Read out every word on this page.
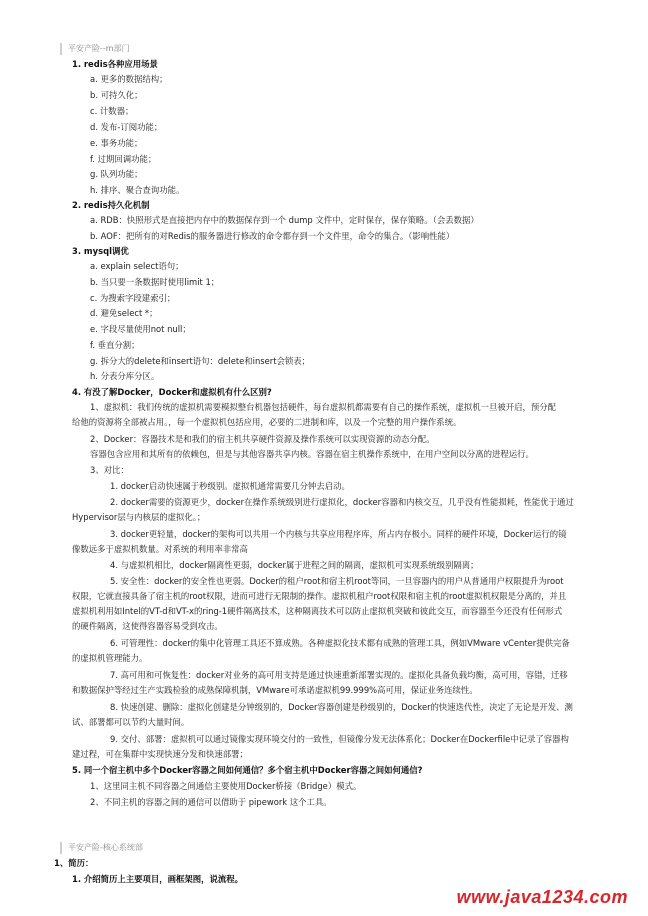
平安产险--m部门
1. redis各种应用场景
a. 更多的数据结构；
b. 可持久化；
c. 计数器；
d. 发布-订阅功能；
e. 事务功能；
f. 过期回调功能；
g. 队列功能；
h. 排序、聚合查询功能。
2. redis持久化机制
a. RDB：快照形式是直接把内存中的数据保存到一个 dump 文件中，定时保存，保存策略。（会丢数据）
b. AOF：把所有的对Redis的服务器进行修改的命令都存到一个文件里，命令的集合。（影响性能）
3. mysql调优
a. explain select语句；
b. 当只要一条数据时使用limit 1；
c. 为搜索字段建索引；
d. 避免select *；
e. 字段尽量使用not null；
f. 垂直分割；
g. 拆分大的delete和insert语句：delete和insert会锁表；
h. 分表分库分区。
4. 有没了解Docker，Docker和虚拟机有什么区别?
1、虚拟机：我们传统的虚拟机需要模拟整台机器包括硬件，每台虚拟机都需要有自己的操作系统，虚拟机一旦被开启，预分配
给他的资源将全部被占用。，每一个虚拟机包括应用，必要的二进制和库，以及一个完整的用户操作系统。
2、Docker：容器技术是和我们的宿主机共享硬件资源及操作系统可以实现资源的动态分配。
容器包含应用和其所有的依赖包，但是与其他容器共享内核。容器在宿主机操作系统中，在用户空间以分离的进程运行。
3、对比：
1. docker启动快速属于秒级别。虚拟机通常需要几分钟去启动。
2. docker需要的资源更少，docker在操作系统级别进行虚拟化，docker容器和内核交互，几乎没有性能损耗，性能优于通过
Hypervisor层与内核层的虚拟化。；
3. docker更轻量，docker的架构可以共用一个内核与共享应用程序库，所占内存极小。同样的硬件环境，Docker运行的镜
像数远多于虚拟机数量。对系统的利用率非常高
4. 与虚拟机相比，docker隔离性更弱，docker属于进程之间的隔离，虚拟机可实现系统级别隔离；
5. 安全性：docker的安全性也更弱。Docker的租户root和宿主机root等同，一旦容器内的用户从普通用户权限提升为root
权限，它就直接具备了宿主机的root权限，进而可进行无限制的操作。虚拟机租户root权限和宿主机的root虚拟机权限是分离的，并且
虚拟机利用如Intel的VT-d和VT-x的ring-1硬件隔离技术，这种隔离技术可以防止虚拟机突破和彼此交互，而容器至今还没有任何形式
的硬件隔离，这使得容器容易受到攻击。
6. 可管理性：docker的集中化管理工具还不算成熟。各种虚拟化技术都有成熟的管理工具，例如VMware vCenter提供完备
的虚拟机管理能力。
7. 高可用和可恢复性：docker对业务的高可用支持是通过快速重新部署实现的。虚拟化具备负载均衡，高可用，容错，迁移
和数据保护等经过生产实践检验的成熟保障机制，VMware可承诺虚拟机99.999%高可用，保证业务连续性。
8. 快速创建、删除：虚拟化创建是分钟级别的，Docker容器创建是秒级别的，Docker的快速迭代性，决定了无论是开发、测
试、部署都可以节约大量时间。
9. 交付、部署：虚拟机可以通过镜像实现环境交付的一致性，但镜像分发无法体系化；Docker在Dockerfile中记录了容器构
建过程，可在集群中实现快速分发和快速部署；
5. 同一个宿主机中多个Docker容器之间如何通信？多个宿主机中Docker容器之间如何通信?
1、这里同主机不同容器之间通信主要使用Docker桥接（Bridge）模式。
2、不同主机的容器之间的通信可以借助于 pipework 这个工具。
平安产险-核心系统部
1、简历：
1. 介绍简历上主要项目，画框架图，说流程。
www.java1234.com
